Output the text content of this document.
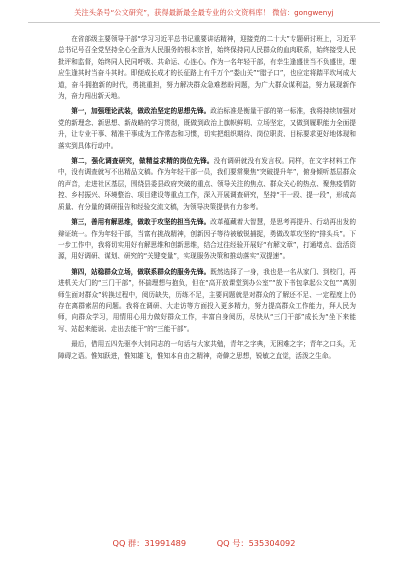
关注头条号“公文研究”，获得最新最全最专业的公文资料库！ 微信：gongwenyj

在省部级主要领导干部“学习习近平总书记重要讲话精神，迎接党的二十大”专题研讨班上，习近平总书记号召全党坚持全心全意为人民服务的根本宗旨，始终保持同人民群众的血肉联系，始终接受人民批评和监督，始终同人民同呼吸、共命运、心连心。作为一名年轻干部，有幸生逢盛世当不负盛世，理应生逢其时当奋斗其时。即便成长成才的长征路上有千万个“娄山关”“腊子口”，也应定将踏平坎坷成大道，奋斗拥抱新的时代，勇挑重担，努力解决群众急难愁盼问题，为广大群众谋利益，努力展现新作为，奋力闯出新天地。

第一，加强理论武装，做政治坚定的思想先锋。政治标准是衡量干部的第一标准，我将持续加强对党的新理念、新思想、新战略的学习贯彻，既做到政治上旗帜鲜明、立场坚定，又做到履职能力全面提升，让专业干事、精准干事成为工作常态和习惯，切实把组织期待、岗位职责、目标要求更好地体现和落实到具体行动中。

第二，强化调查研究，做精益求精的岗位先锋。没有调研就没有发言权。同样，在文字材料工作中，没有调查就写不出精品文稿。作为年轻干部一员，我们要常聚焦“突破提升年”，俯身倾听基层群众的声音，走进社区基层，围绕县委县政府突破的重点、领导关注的焦点、群众关心的热点、聚焦疫情防控、乡村振兴、环境整治、项目建设等重点工作，深入开展调查研究，坚持“干一段、提一段”，形成高质量、有分量的调研报告和经验交流文稿，为领导决策提供有力参考。

第三，善用有解思维，做敢于攻坚的担当先锋。改革蕴藏着大智慧，是思考再提升、行动再出发的辩证统一。作为年轻干部，当富有挑战精神，创新因子等待被敏锐捕捉，勇做改革攻坚的“排头兵”。下一步工作中，我将切实用好有解思维和创新思维，结合过往经验开展好“有解文章”，打通堵点、盘活资源，用好调研、谋划、研究的“关键变量”，实现服务决策和推动落实“双提速”。

第四，站稳群众立场，做联系群众的服务先锋。既然选择了一身，我也是一名从家门、到校门，再进机关大门的“三门干部”，怀揣理想与抱负，但在“高开放课堂到办公室”“放下书包拿起公文包”“离别师生面对群众”转换过程中，阅历缺失，历练不足，主要问题就是对群众的了解还不足、一定程度上仍存在离群索居的问题。我将在调研、大走访等方面投入更多精力，努力提高群众工作能力，拜人民为师，向群众学习，用情用心用力做好群众工作，丰富自身阅历，尽快从“三门干部”成长为“坐下来能写、站起来能说、走出去能干”的“三能干部”。

最后，借用五四先驱李大钊同志的一句话与大家共勉，青年之字典，无困难之字；青年之口头，无障碍之语。惟知跃进，惟知雄飞，惟知本自由之精神，奇僻之思想，锐敏之直觉，活泼之生命。

QQ 群：31991489	QQ 号：535304092
